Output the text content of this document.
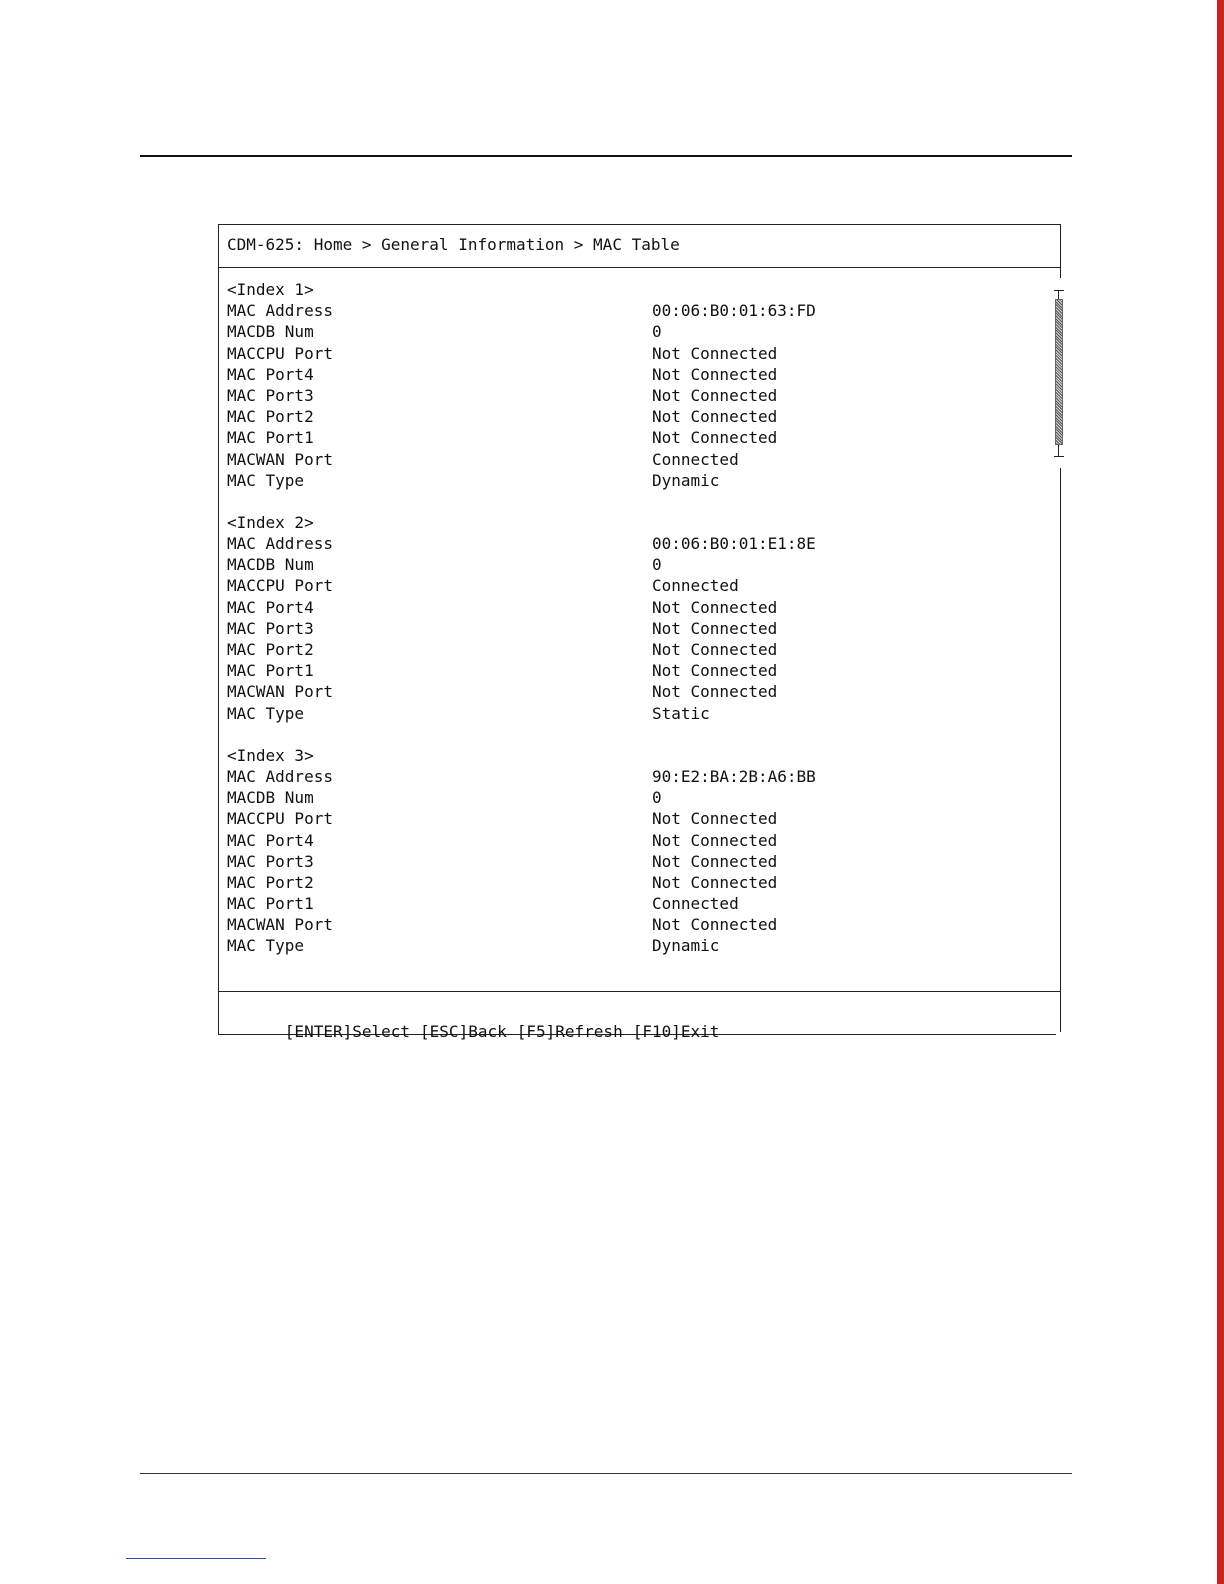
CDM-625: Home > General Information > MAC Table
<Index 1>
MAC Address	00:06:B0:01:63:FD
MACDB Num	0
MACCPU Port	Not Connected
MAC Port4	Not Connected
MAC Port3	Not Connected
MAC Port2	Not Connected
MAC Port1	Not Connected
MACWAN Port	Connected
MAC Type	Dynamic
<Index 2>
MAC Address	00:06:B0:01:E1:8E
MACDB Num	0
MACCPU Port	Connected
MAC Port4	Not Connected
MAC Port3	Not Connected
MAC Port2	Not Connected
MAC Port1	Not Connected
MACWAN Port	Not Connected
MAC Type	Static
<Index 3>
MAC Address	90:E2:BA:2B:A6:BB
MACDB Num	0
MACCPU Port	Not Connected
MAC Port4	Not Connected
MAC Port3	Not Connected
MAC Port2	Not Connected
MAC Port1	Connected
MACWAN Port	Not Connected
MAC Type	Dynamic

[ENTER]Select [ESC]Back [F5]Refresh [F10]Exit
